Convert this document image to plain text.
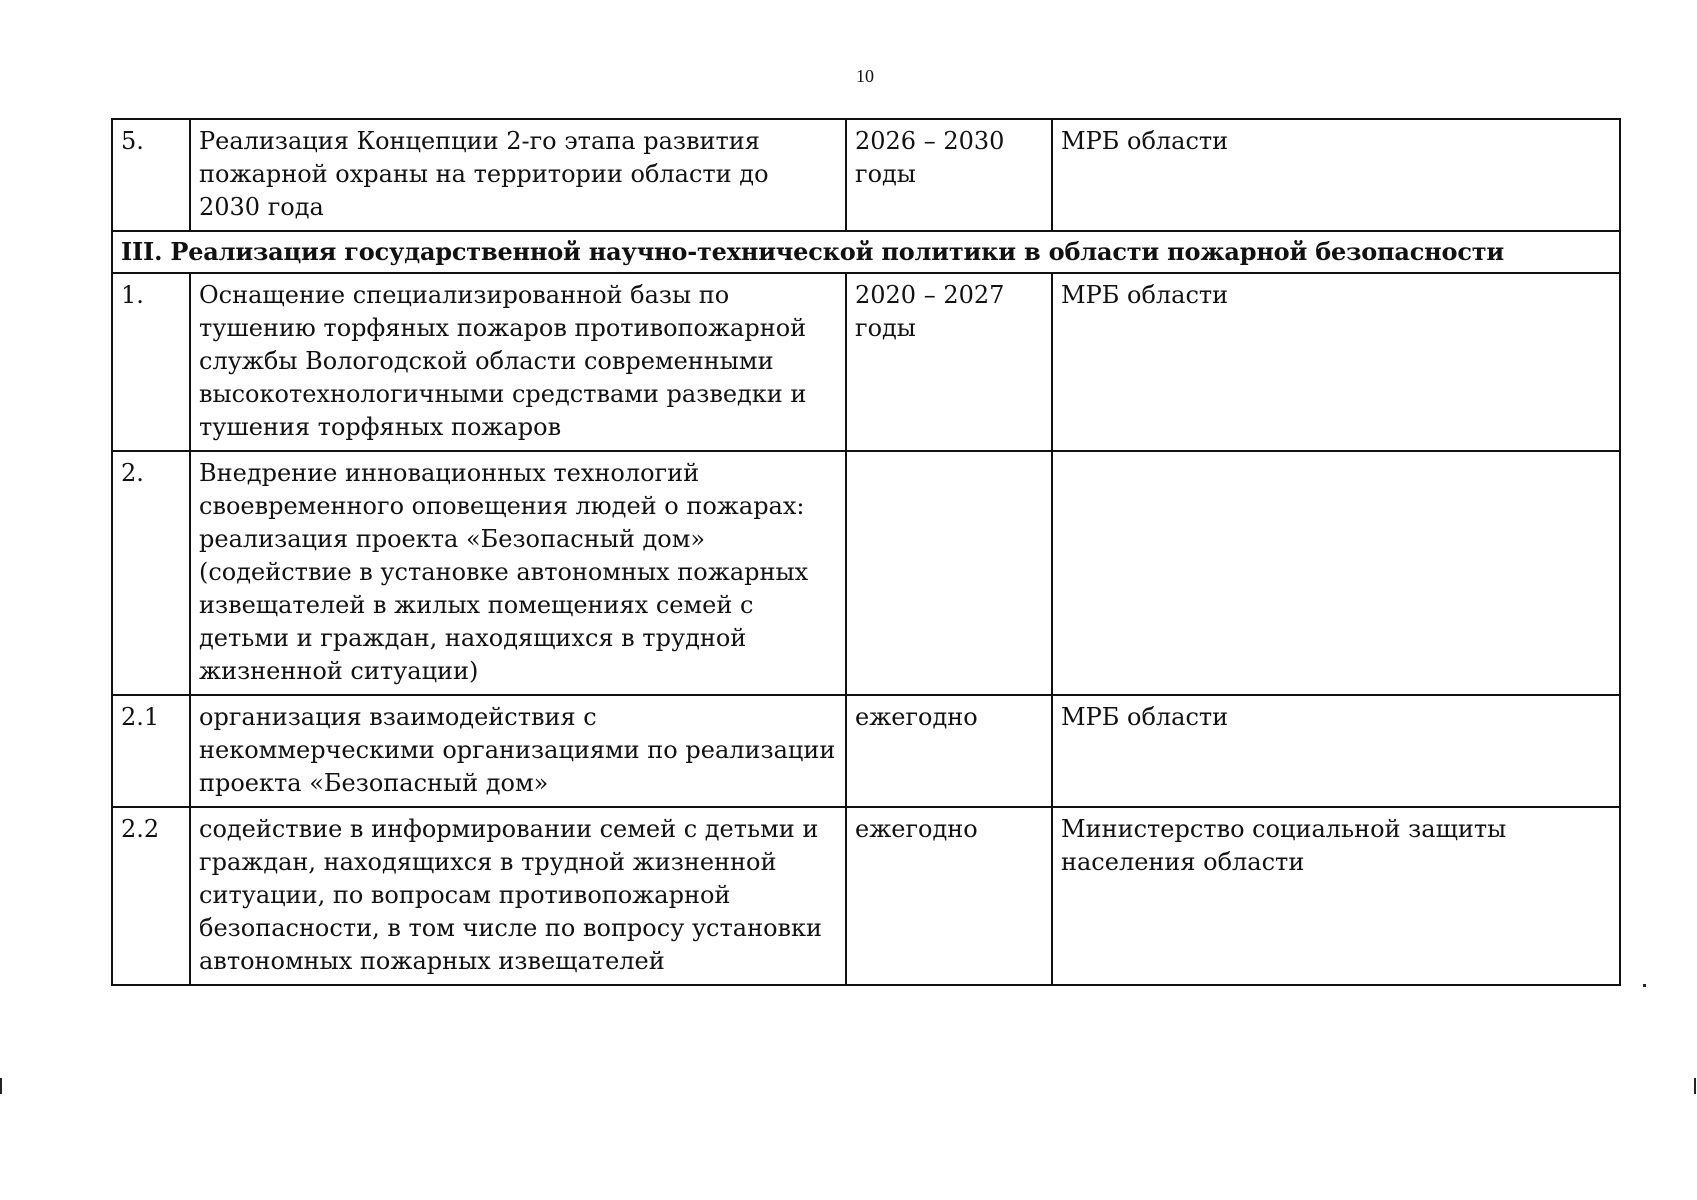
10
5.	Реализация Концепции 2-го этапа развития пожарной охраны на территории области до 2030 года	2026 – 2030 годы	МРБ области
III. Реализация государственной научно-технической политики в области пожарной безопасности			
1.	Оснащение специализированной базы по тушению торфяных пожаров противопожарной службы Вологодской области современными высокотехнологичными средствами разведки и тушения торфяных пожаров	2020 – 2027 годы	МРБ области
2.	Внедрение инновационных технологий своевременного оповещения людей о пожарах: реализация проекта «Безопасный дом» (содействие в установке автономных пожарных извещателей в жилых помещениях семей с детьми и граждан, находящихся в трудной жизненной ситуации)		
2.1	организация взаимодействия с некоммерческими организациями по реализации проекта «Безопасный дом»	ежегодно	МРБ области
2.2	содействие в информировании семей с детьми и граждан, находящихся в трудной жизненной ситуации, по вопросам противопожарной безопасности, в том числе по вопросу установки автономных пожарных извещателей	ежегодно	Министерство социальной защиты населения области
